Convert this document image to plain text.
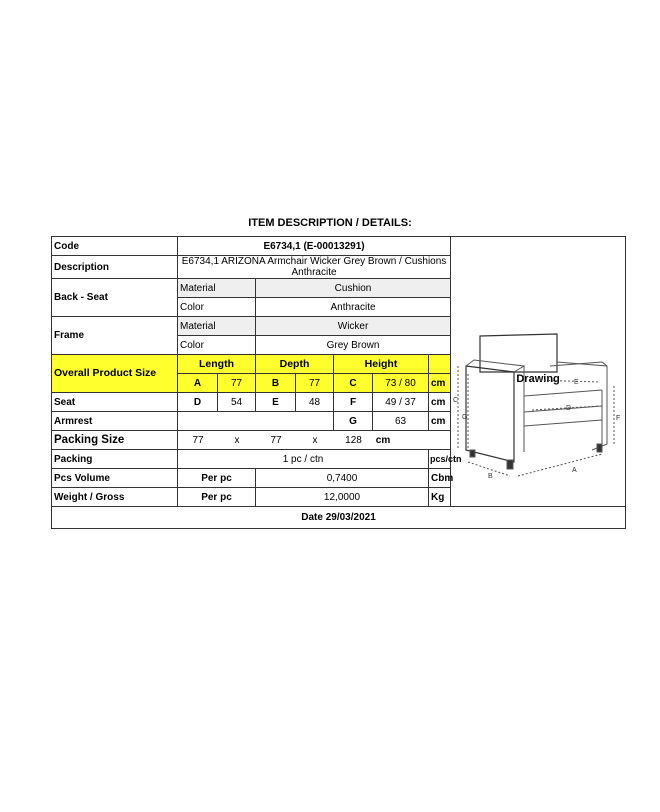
ITEM DESCRIPTION / DETAILS:
Code	E6734,1 (E-00013291)							Drawing

Description	E6734,1 ARIZONA Armchair Wicker Grey Brown / Cushions Anthracite							
Back - Seat	Material		Cushion					
	Color		Anthracite					
Frame	Material		Wicker					
	Color		Grey Brown					
Overall Product Size	Length		Depth		Height			
	A	77	B	77	C	73 / 80	cm	
Seat	D	54	E	48	F	49 / 37	cm	
Armrest					G	63	cm	
Packing Size	77 x 77 x 128 cm							
Packing	1 pc / ctn						pcs/ctn	
Pcs Volume	Per pc		0,7400				Cbm	
Weight / Gross	Per pc		12,0000				Kg	
Date 29/03/2021								
C
G	F
E
D
B
A
